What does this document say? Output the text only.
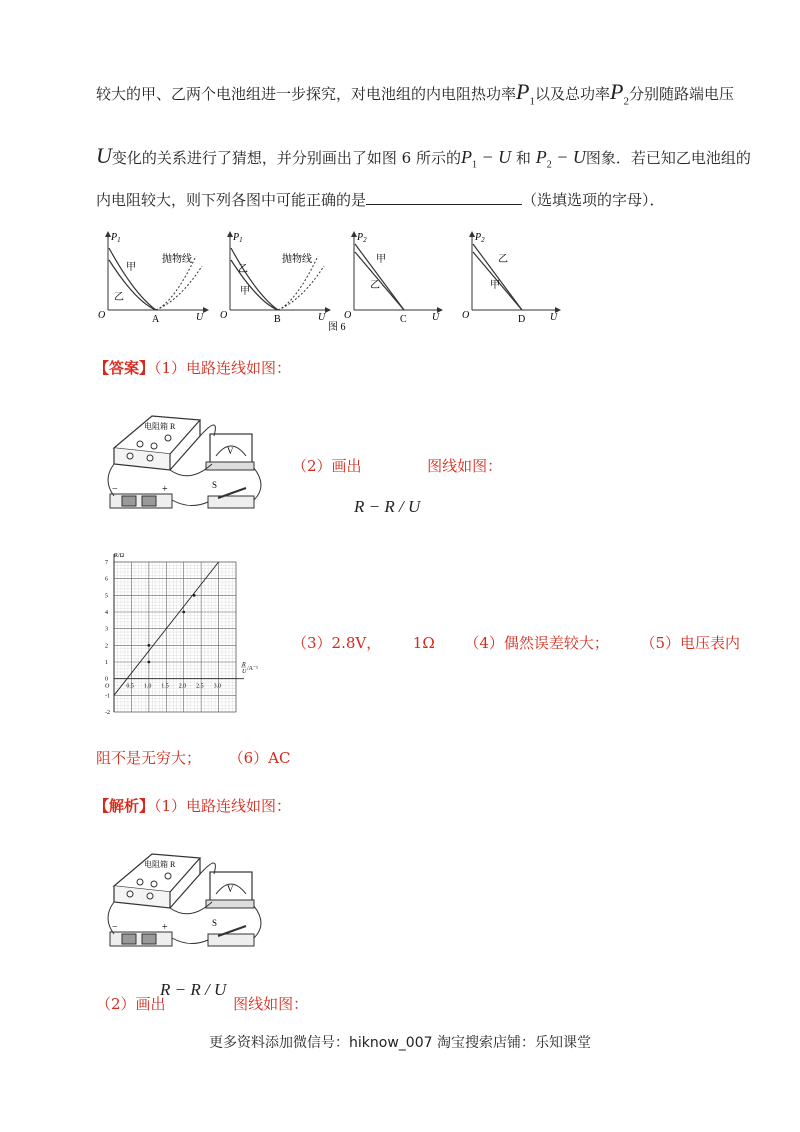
较大的甲、乙两个电池组进一步探究，对电池组的内电阻热功率$P_1$以及总功率$P_2$分别随路端电压
U变化的关系进行了猜想，并分别画出了如图 6 所示的$P_1 - U$ 和 $P_2 - U$图象．若已知乙电池组的
内电阻较大，则下列各图中可能正确的是	（选填选项的字母）．
$P_1$
O	U
A
甲
乙
抛物线
$P_1$
O	U
B
乙
甲
抛物线
$P_2$
O	U
C
甲
乙
$P_2$
O	U
D
乙
甲
图 6
【答案】（1）电路连线如图：
电阻箱 R
V
−	+	S
（2）画出	图线如图：
R − R / U
0.5 1.0 1.5 2.0 2.5 3.0
7
6
5
4
3
2
1
0
-1
-2
O
R/Ω
R
U /A⁻¹
（3）2.8V， 1Ω （4）偶然误差较大； （5）电压表内
阻不是无穷大； （6）AC
【解析】（1）电路连线如图：
电阻箱 R
V
−	+	S
R − R / U
（2）画出	图线如图：
更多资料添加微信号：hiknow_007 淘宝搜索店铺：乐知课堂
